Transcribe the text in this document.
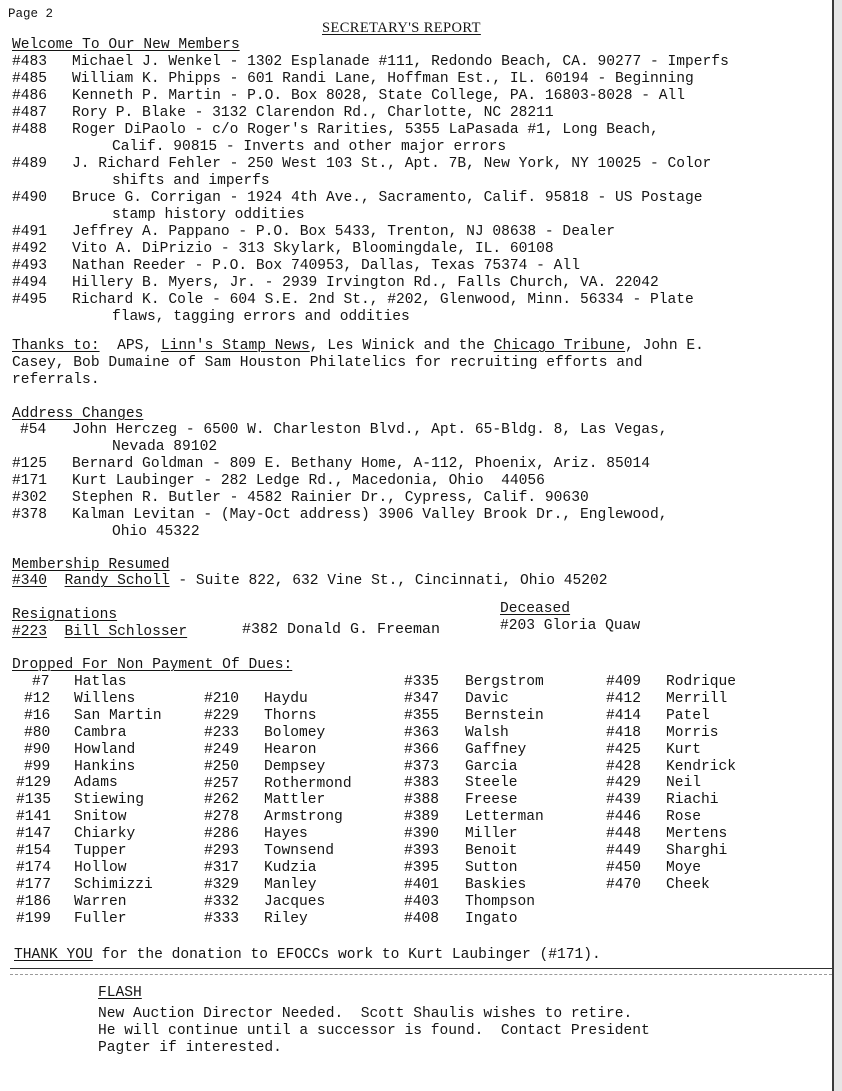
Page 2
SECRETARY'S REPORT
Welcome To Our New Members
#483 Michael J. Wenkel - 1302 Esplanade #111, Redondo Beach, CA. 90277 - Imperfs
#485 William K. Phipps - 601 Randi Lane, Hoffman Est., IL. 60194 - Beginning
#486 Kenneth P. Martin - P.O. Box 8028, State College, PA. 16803-8028 - All
#487 Rory P. Blake - 3132 Clarendon Rd., Charlotte, NC 28211
#488 Roger DiPaolo - c/o Roger's Rarities, 5355 LaPasada #1, Long Beach,
Calif. 90815 - Inverts and other major errors
#489 J. Richard Fehler - 250 West 103 St., Apt. 7B, New York, NY 10025 - Color
shifts and imperfs
#490 Bruce G. Corrigan - 1924 4th Ave., Sacramento, Calif. 95818 - US Postage
stamp history oddities
#491 Jeffrey A. Pappano - P.O. Box 5433, Trenton, NJ 08638 - Dealer
#492 Vito A. DiPrizio - 313 Skylark, Bloomingdale, IL. 60108
#493 Nathan Reeder - P.O. Box 740953, Dallas, Texas 75374 - All
#494 Hillery B. Myers, Jr. - 2939 Irvington Rd., Falls Church, VA. 22042
#495 Richard K. Cole - 604 S.E. 2nd St., #202, Glenwood, Minn. 56334 - Plate
flaws, tagging errors and oddities
Thanks to:  APS, Linn's Stamp News, Les Winick and the Chicago Tribune, John E.
Casey, Bob Dumaine of Sam Houston Philatelics for recruiting efforts and
referrals.
Address Changes
#54 John Herczeg - 6500 W. Charleston Blvd., Apt. 65-Bldg. 8, Las Vegas,
Nevada 89102
#125 Bernard Goldman - 809 E. Bethany Home, A-112, Phoenix, Ariz. 85014
#171 Kurt Laubinger - 282 Ledge Rd., Macedonia, Ohio  44056
#302 Stephen R. Butler - 4582 Rainier Dr., Cypress, Calif. 90630
#378 Kalman Levitan - (May-Oct address) 3906 Valley Brook Dr., Englewood,
Ohio 45322
Membership Resumed
#340 Randy Scholl - Suite 822, 632 Vine St., Cincinnati, Ohio 45202
Resignations
#223 Bill Schlosser	#382 Donald G. Freeman
Deceased
#203 Gloria Quaw
Dropped For Non Payment Of Dues:
#7 Hatlas
#12 Willens
#16 San Martin
#80 Cambra
#90 Howland
#99 Hankins
#129 Adams
#135 Stiewing
#141 Snitow
#147 Chiarky
#154 Tupper
#174 Hollow
#177 Schimizzi
#186 Warren
#199 Fuller
#210 Haydu
#229 Thorns
#233 Bolomey
#249 Hearon
#250 Dempsey
#257 Rothermond
#262 Mattler
#278 Armstrong
#286 Hayes
#293 Townsend
#317 Kudzia
#329 Manley
#332 Jacques
#333 Riley
#335 Bergstrom
#347 Davic
#355 Bernstein
#363 Walsh
#366 Gaffney
#373 Garcia
#383 Steele
#388 Freese
#389 Letterman
#390 Miller
#393 Benoit
#395 Sutton
#401 Baskies
#403 Thompson
#408 Ingato
#409 Rodrique
#412 Merrill
#414 Patel
#418 Morris
#425 Kurt
#428 Kendrick
#429 Neil
#439 Riachi
#446 Rose
#448 Mertens
#449 Sharghi
#450 Moye
#470 Cheek
THANK YOU for the donation to EFOCCs work to Kurt Laubinger (#171).
FLASH
New Auction Director Needed.  Scott Shaulis wishes to retire.
He will continue until a successor is found.  Contact President
Pagter if interested.
